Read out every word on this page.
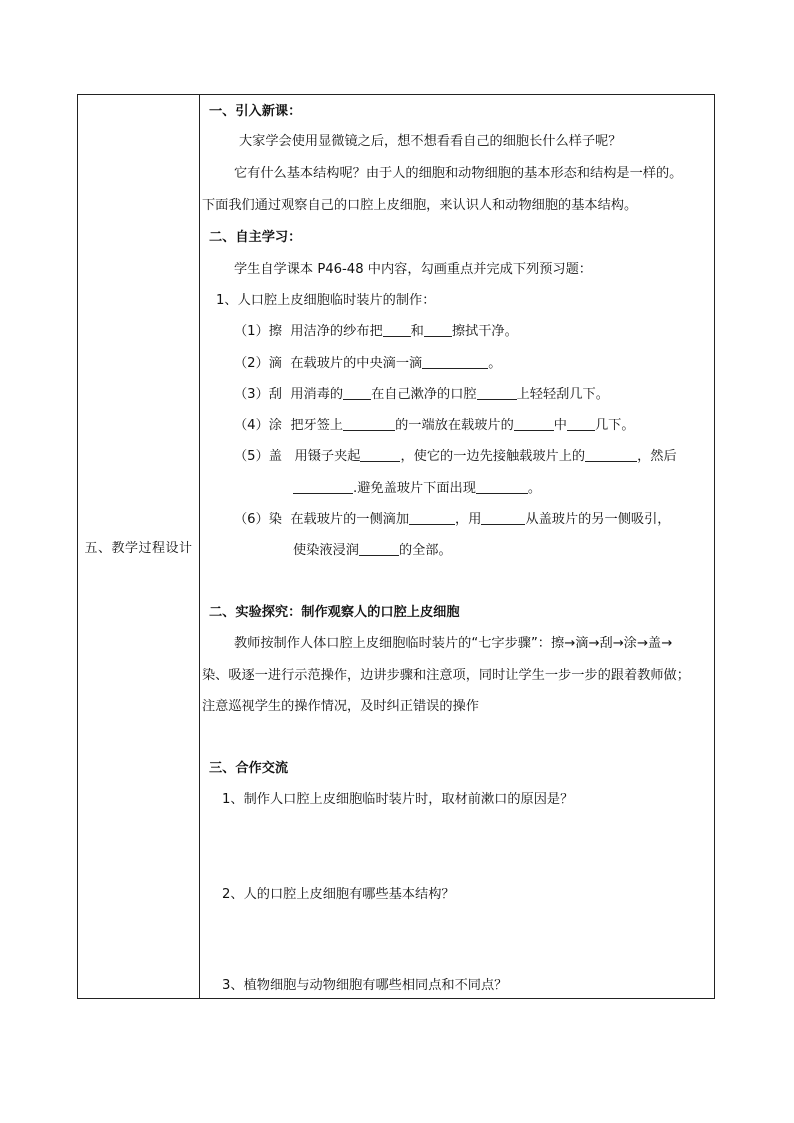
五、教学过程设计
一、引入新课：
大家学会使用显微镜之后，想不想看看自己的细胞长什么样子呢？
它有什么基本结构呢？由于人的细胞和动物细胞的基本形态和结构是一样的。
下面我们通过观察自己的口腔上皮细胞，来认识人和动物细胞的基本结构。
二、自主学习：
学生自学课本 P46-48 中内容，勾画重点并完成下列预习题：
1、人口腔上皮细胞临时装片的制作：
（1）擦 用洁净的纱布把 和 擦拭干净。
（2）滴 在载玻片的中央滴一滴	。
（3）刮 用消毒的 在自己漱净的口腔	上轻轻刮几下。
（4）涂 把牙签上	的一端放在载玻片的	中 几下。
（5）盖 用镊子夹起	，使它的一边先接触载玻片上的	，然后
.避免盖玻片下面出现	。
（6）染 在载玻片的一侧滴加	，用	从盖玻片的另一侧吸引，
使染液浸润	的全部。
二、实验探究：制作观察人的口腔上皮细胞
教师按制作人体口腔上皮细胞临时装片的“七字步骤”：擦→滴→刮→涂→盖→
染、吸逐一进行示范操作，边讲步骤和注意项，同时让学生一步一步的跟着教师做；
注意巡视学生的操作情况，及时纠正错误的操作
三、合作交流
1、制作人口腔上皮细胞临时装片时，取材前漱口的原因是？
2、人的口腔上皮细胞有哪些基本结构？
3、植物细胞与动物细胞有哪些相同点和不同点？
